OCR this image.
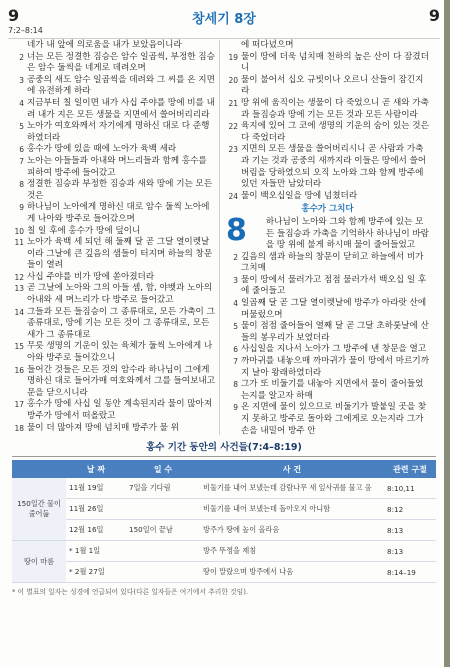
9	창세기 8장	9
7:2–8:14
네가 내 앞에 의로움을 내가 보았음이니라
2 너는 모든 정결한 짐승은 암수 일곱씩, 부정한 짐승은 암수 둘씩을 네게로 데려오며
3 공중의 새도 암수 일곱씩을 데려와 그 씨를 온 지면에 유전하게 하라
4 지금부터 칠 일이면 내가 사십 주야를 땅에 비를 내려 내가 지은 모든 생물을 지면에서 쓸어버리리라
5 노아가 여호와께서 자기에게 명하신 대로 다 준행하였더라
6 홍수가 땅에 있을 때에 노아가 육백 세라
7 노아는 아들들과 아내와 며느리들과 함께 홍수를 피하여 방주에 들어갔고
8 정결한 짐승과 부정한 짐승과 새와 땅에 기는 모든 것은
9 하나님이 노아에게 명하신 대로 암수 둘씩 노아에게 나아와 방주로 들어갔으며
10 칠 일 후에 홍수가 땅에 덮이니
11 노아가 육백 세 되던 해 둘째 달 곧 그달 열이렛날이라 그날에 큰 깊음의 샘들이 터지며 하늘의 창문들이 열려
12 사십 주야를 비가 땅에 쏟아졌더라
13 곧 그날에 노아와 그의 아들 셈, 함, 야벳과 노아의 아내와 세 며느리가 다 방주로 들어갔고
14 그들과 모든 들짐승이 그 종류대로, 모든 가축이 그 종류대로, 땅에 기는 모든 것이 그 종류대로, 모든 새가 그 종류대로
15 무릇 생명의 기운이 있는 육체가 둘씩 노아에게 나아와 방주로 들어갔으니
16 들어간 것들은 모든 것의 암수라 하나님이 그에게 명하신 대로 들어가매 여호와께서 그를 들여보내고 문을 닫으시니라
17 홍수가 땅에 사십 일 동안 계속된지라 물이 많아져 방주가 땅에서 떠올랐고
18 물이 더 많아져 땅에 넘치매 방주가 물 위
에 떠다녔으며
19 물이 땅에 더욱 넘치매 천하의 높은 산이 다 잠겼더니
20 물이 불어서 십오 규빗이나 오르니 산들이 잠긴지라
21 땅 위에 움직이는 생물이 다 죽었으니 곧 새와 가축과 들짐승과 땅에 기는 모든 것과 모든 사람이라
22 육지에 있어 그 코에 생명의 기운의 숨이 있는 것은 다 죽었더라
23 지면의 모든 생물을 쓸어버리시니 곧 사람과 가축과 기는 것과 공중의 새까지라 이들은 땅에서 쓸어버림을 당하였으되 오직 노아와 그와 함께 방주에 있던 자들만 남았더라
24 물이 백오십일을 땅에 넘쳤더라
홍수가 그치다
8 하나님이 노아와 그와 함께 방주에 있는 모든 들짐승과 가축을 기억하사 하나님이 바람을 땅 위에 불게 하시매 물이 줄어들었고
2 깊음의 샘과 하늘의 창문이 닫히고 하늘에서 비가 그치매
3 물이 땅에서 물러가고 점점 물러가서 백오십 일 후에 줄어들고
4 일곱째 달 곧 그달 열이렛날에 방주가 아라랏 산에 머물렀으며
5 물이 점점 줄어들어 열째 달 곧 그달 초하룻날에 산들의 봉우리가 보였더라
6 사십일을 지나서 노아가 그 방주에 낸 창문을 열고
7 까마귀를 내놓으매 까마귀가 물이 땅에서 마르기까지 날아 왕래하였더라
8 그가 또 비둘기를 내놓아 지면에서 물이 줄어들었는지를 알고자 하매
9 온 지면에 물이 있으므로 비둘기가 발붙일 곳을 찾지 못하고 방주로 돌아와 그에게로 오는지라 그가 손을 내밀어 방주 안
홍수 기간 동안의 사건들(7:4–8:19)
	날 짜	일 수	사 건	관련 구절
150일간 물이 줄어듦	11월 19일	7일을 기다림	비둘기를 내어 보냈는데 감람나무 새 잎사귀를 물고 옴	8:10,11
	11월 26일		비둘기를 내어 보냈는데 돌아오지 아니함	8:12
	12월 16일	150일이 끝남	방주가 땅에 높이 올라옴	8:13
땅이 마름	* 1월 1일		방주 뚜껑을 제침	8:13
	* 2월 27일		땅이 말랐으며 방주에서 나옴	8:14–19
* 이 별표의 일자는 성경에 언급되어 있다(다른 일자들은 여기에서 추리한 것임).
